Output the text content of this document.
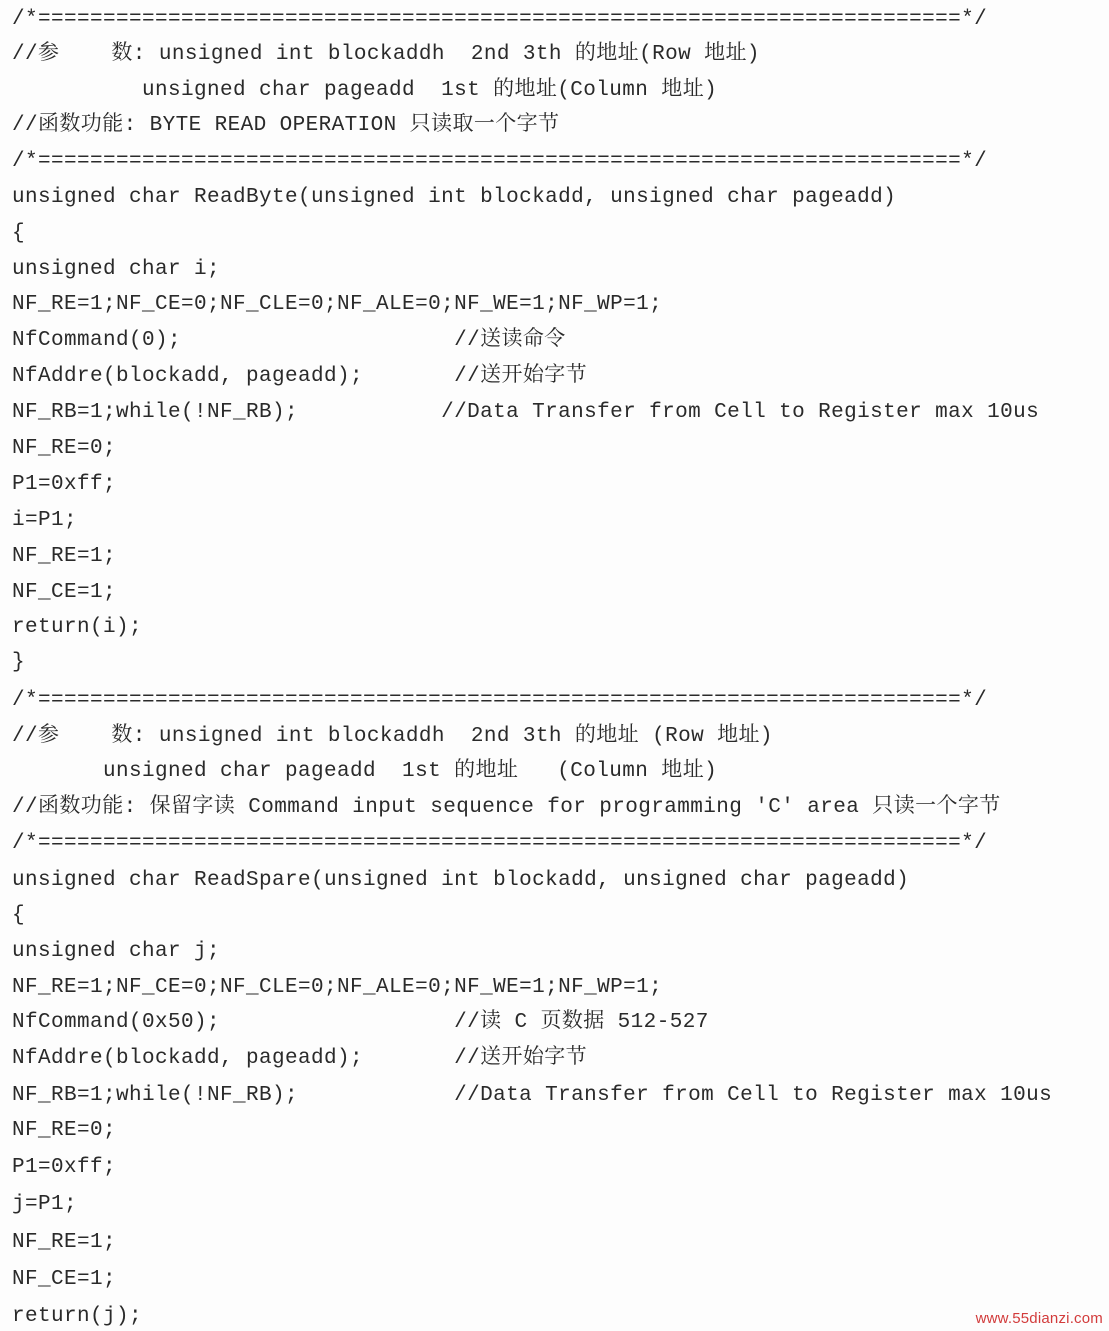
/*=======================================================================*/
//参    数: unsigned int blockaddh  2nd 3th 的地址(Row 地址)
unsigned char pageadd  1st 的地址(Column 地址)
//函数功能: BYTE READ OPERATION 只读取一个字节
/*=======================================================================*/
unsigned char ReadByte(unsigned int blockadd, unsigned char pageadd)
{
unsigned char i;
NF_RE=1;NF_CE=0;NF_CLE=0;NF_ALE=0;NF_WE=1;NF_WP=1;
NfCommand(0);                     //送读命令
NfAddre(blockadd, pageadd);       //送开始字节
NF_RB=1;while(!NF_RB);           //Data Transfer from Cell to Register max 10us
NF_RE=0;
P1=0xff;
i=P1;
NF_RE=1;
NF_CE=1;
return(i);
}
/*=======================================================================*/
//参    数: unsigned int blockaddh  2nd 3th 的地址 (Row 地址)
unsigned char pageadd  1st 的地址   (Column 地址)
//函数功能: 保留字读 Command input sequence for programming 'C' area 只读一个字节
/*=======================================================================*/
unsigned char ReadSpare(unsigned int blockadd, unsigned char pageadd)
{
unsigned char j;
NF_RE=1;NF_CE=0;NF_CLE=0;NF_ALE=0;NF_WE=1;NF_WP=1;
NfCommand(0x50);                  //读 C 页数据 512-527
NfAddre(blockadd, pageadd);       //送开始字节
NF_RB=1;while(!NF_RB);            //Data Transfer from Cell to Register max 10us
NF_RE=0;
P1=0xff;
j=P1;
NF_RE=1;
NF_CE=1;
return(j);	www.55dianzi.com
